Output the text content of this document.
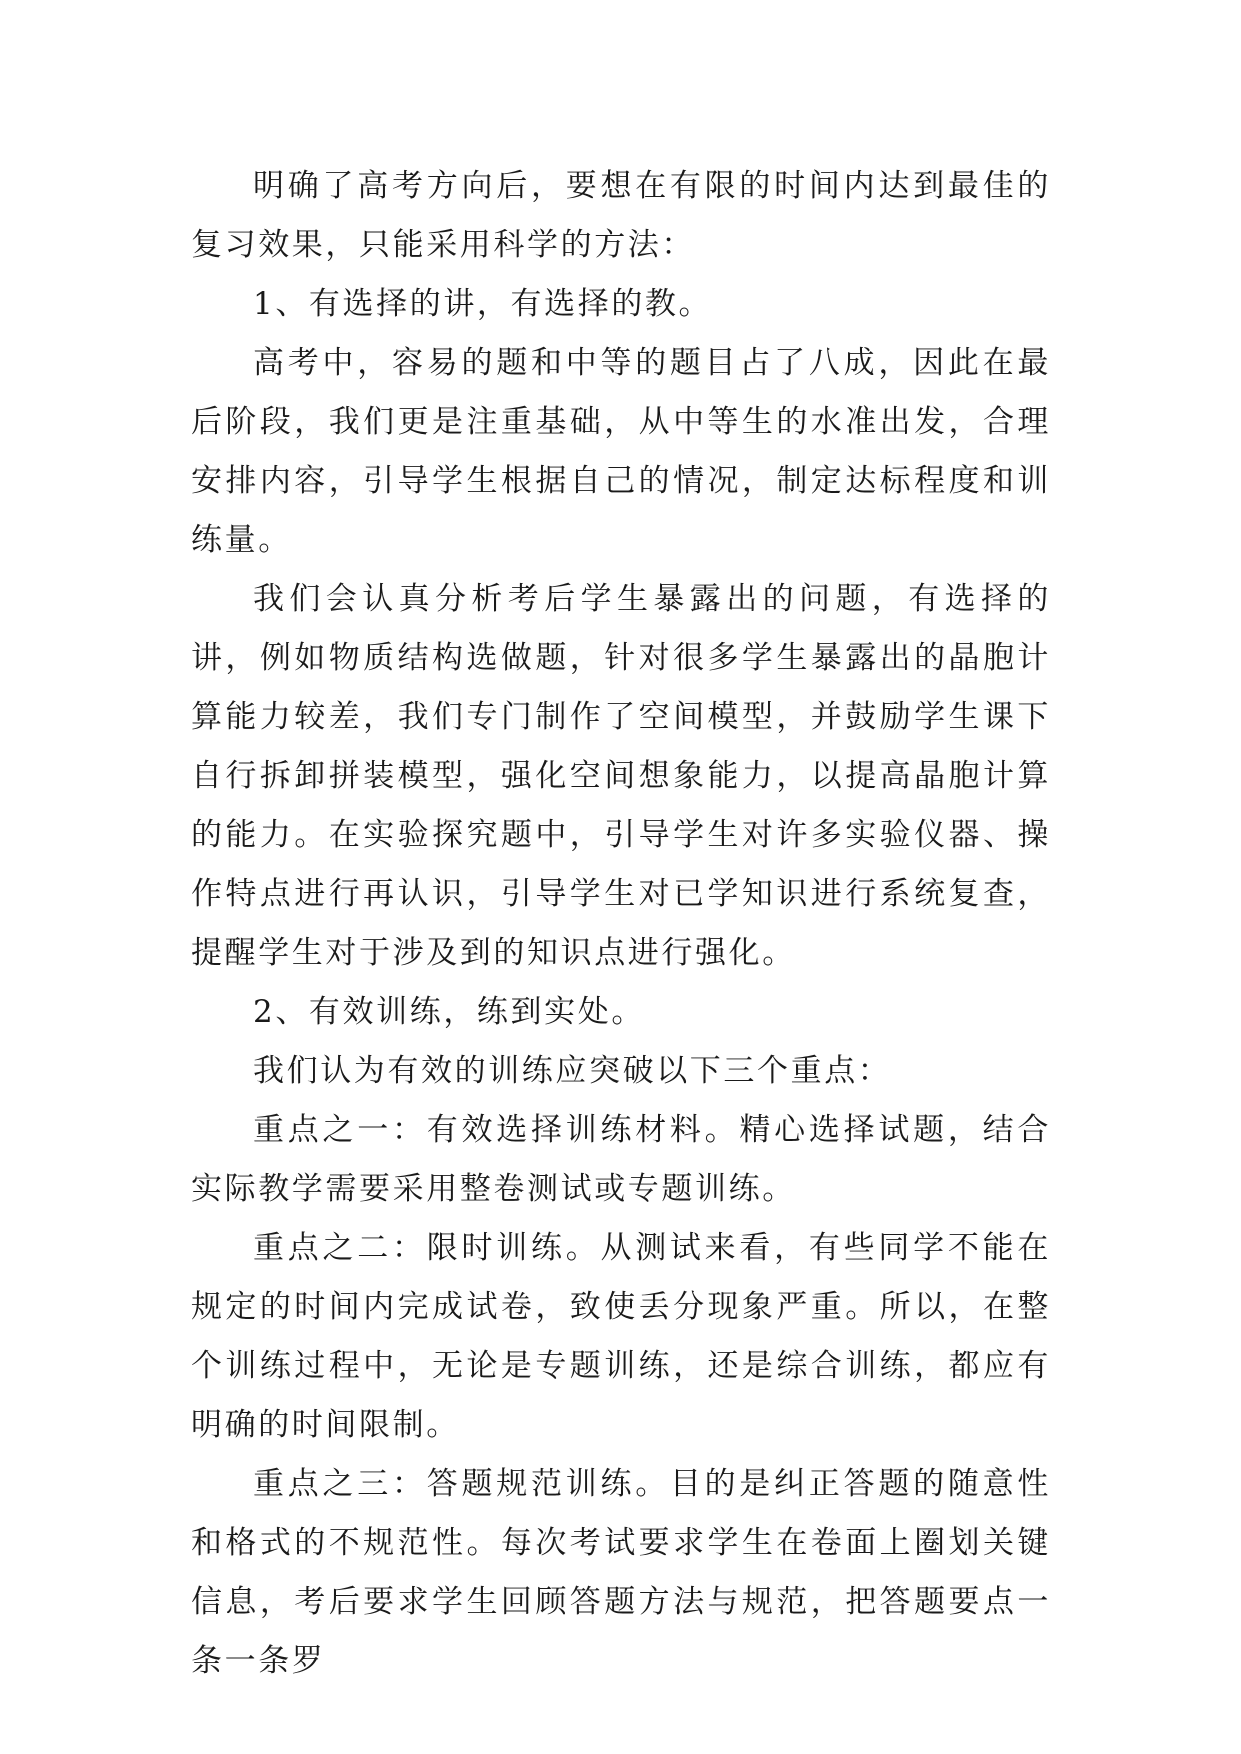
明确了高考方向后，要想在有限的时间内达到最佳的复习效果，只能采用科学的方法：

1、有选择的讲，有选择的教。

高考中，容易的题和中等的题目占了八成，因此在最后阶段，我们更是注重基础，从中等生的水准出发，合理安排内容，引导学生根据自己的情况，制定达标程度和训练量。

我们会认真分析考后学生暴露出的问题，有选择的讲，例如物质结构选做题，针对很多学生暴露出的晶胞计算能力较差，我们专门制作了空间模型，并鼓励学生课下自行拆卸拼装模型，强化空间想象能力，以提高晶胞计算的能力。在实验探究题中，引导学生对许多实验仪器、操作特点进行再认识，引导学生对已学知识进行系统复查，提醒学生对于涉及到的知识点进行强化。

2、有效训练，练到实处。

我们认为有效的训练应突破以下三个重点：

重点之一：有效选择训练材料。精心选择试题，结合实际教学需要采用整卷测试或专题训练。

重点之二：限时训练。从测试来看，有些同学不能在规定的时间内完成试卷，致使丢分现象严重。所以，在整个训练过程中，无论是专题训练，还是综合训练，都应有明确的时间限制。

重点之三：答题规范训练。目的是纠正答题的随意性和格式的不规范性。每次考试要求学生在卷面上圈划关键信息，考后要求学生回顾答题方法与规范，把答题要点一条一条罗
